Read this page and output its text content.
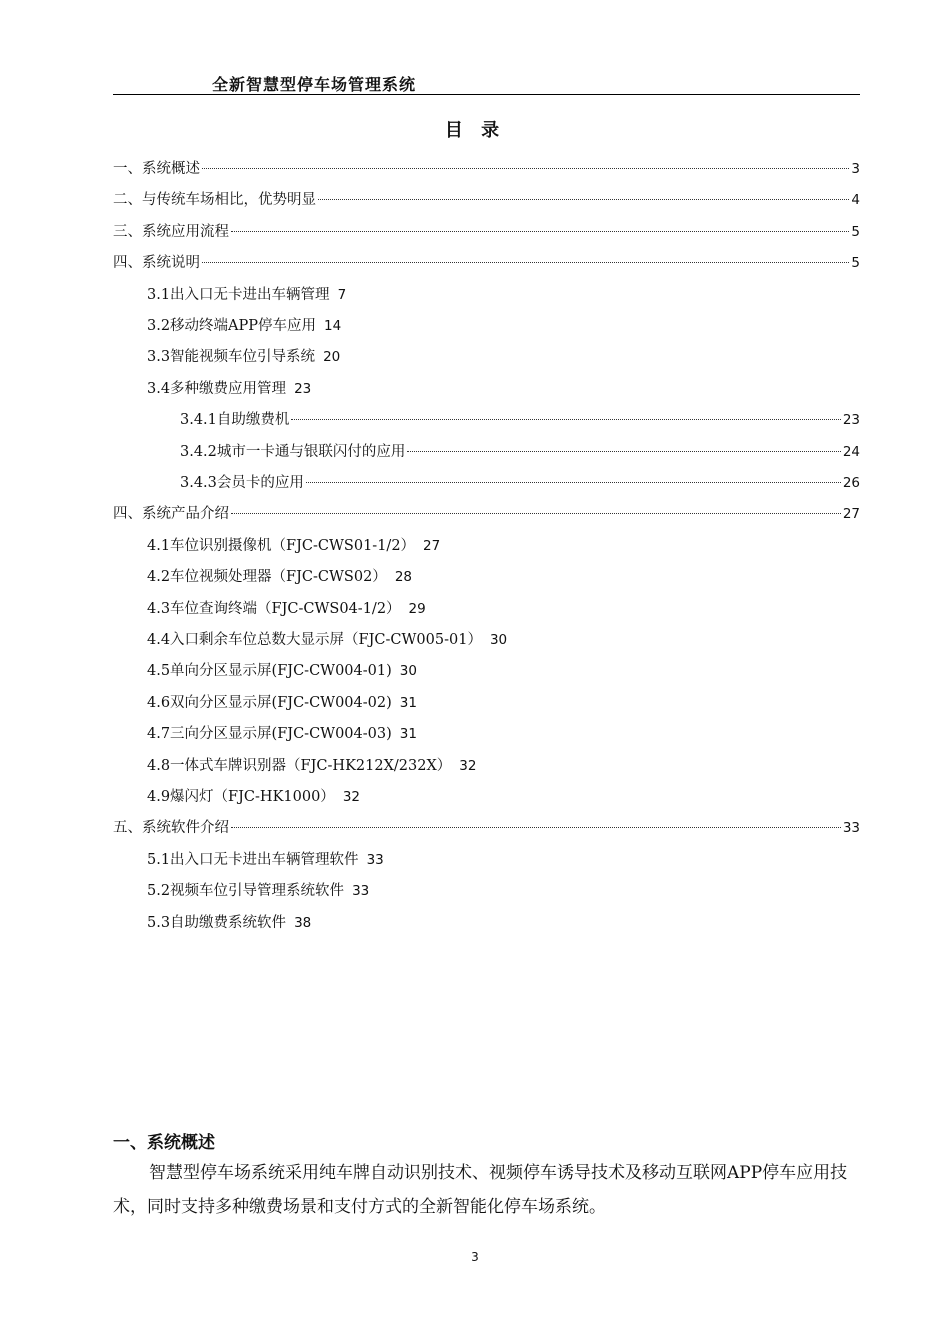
全新智慧型停车场管理系统
目 录
一、系统概述	3
二、与传统车场相比，优势明显	4
三、系统应用流程	5
四、系统说明	5
3.1出入口无卡进出车辆管理 7
3.2移动终端APP停车应用 14
3.3智能视频车位引导系统 20
3.4多种缴费应用管理 23
3.4.1自助缴费机	23
3.4.2城市一卡通与银联闪付的应用	24
3.4.3会员卡的应用	26
四、系统产品介绍	27
4.1车位识别摄像机（FJC-CWS01-1/2） 27
4.2车位视频处理器（FJC-CWS02） 28
4.3车位查询终端（FJC-CWS04-1/2） 29
4.4入口剩余车位总数大显示屏（FJC-CW005-01） 30
4.5单向分区显示屏(FJC-CW004-01) 30
4.6双向分区显示屏(FJC-CW004-02) 31
4.7三向分区显示屏(FJC-CW004-03) 31
4.8一体式车牌识别器（FJC-HK212X/232X） 32
4.9爆闪灯（FJC-HK1000） 32
五、系统软件介绍	33
5.1出入口无卡进出车辆管理软件 33
5.2视频车位引导管理系统软件 33
5.3自助缴费系统软件 38
一、系统概述
智慧型停车场系统采用纯车牌自动识别技术、视频停车诱导技术及移动互联网APP停车应用技术，同时支持多种缴费场景和支付方式的全新智能化停车场系统。
3
